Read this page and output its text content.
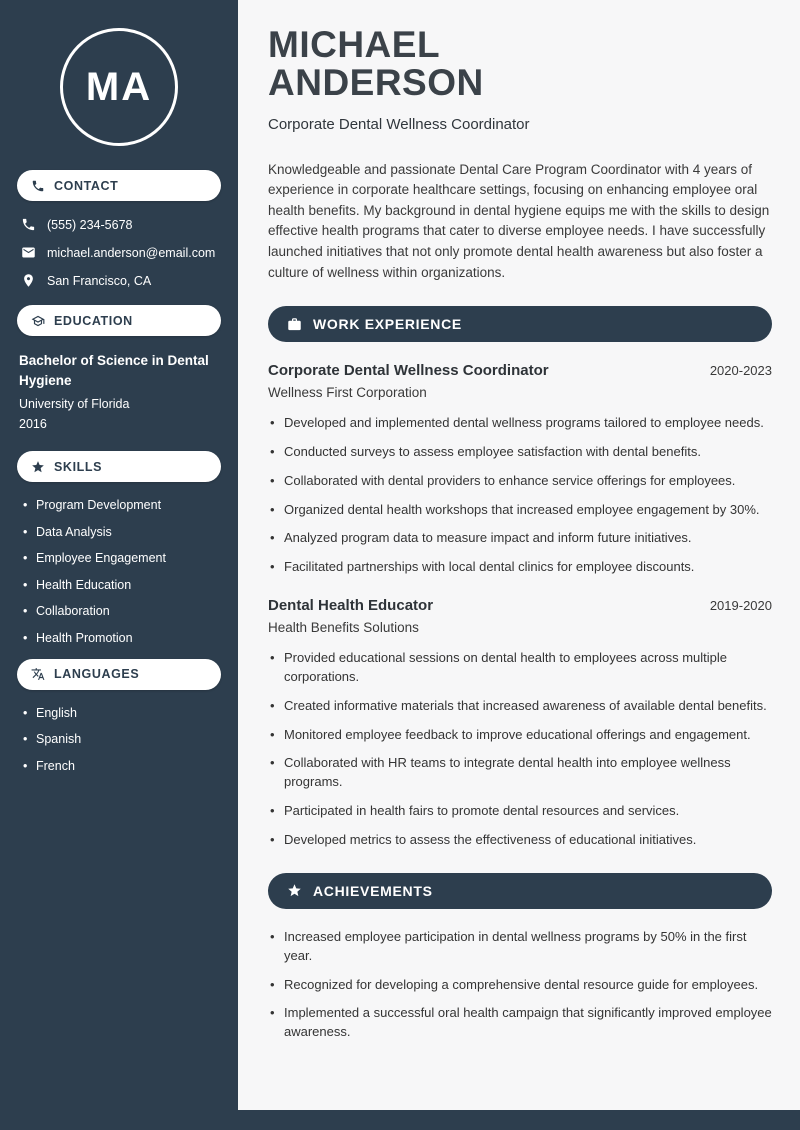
MA
CONTACT
(555) 234-5678
michael.anderson@email.com
San Francisco, CA
EDUCATION
Bachelor of Science in Dental Hygiene
University of Florida
2016
SKILLS
• Program Development
• Data Analysis
• Employee Engagement
• Health Education
• Collaboration
• Health Promotion
LANGUAGES
• English
• Spanish
• French
MICHAEL
ANDERSON
Corporate Dental Wellness Coordinator

Knowledgeable and passionate Dental Care Program Coordinator with 4 years of experience in corporate healthcare settings, focusing on enhancing employee oral health benefits. My background in dental hygiene equips me with the skills to design effective health programs that cater to diverse employee needs. I have successfully launched initiatives that not only promote dental health awareness but also foster a culture of wellness within organizations.

WORK EXPERIENCE
Corporate Dental Wellness Coordinator	2020-2023
Wellness First Corporation
• Developed and implemented dental wellness programs tailored to employee needs.
• Conducted surveys to assess employee satisfaction with dental benefits.
• Collaborated with dental providers to enhance service offerings for employees.
• Organized dental health workshops that increased employee engagement by 30%.
• Analyzed program data to measure impact and inform future initiatives.
• Facilitated partnerships with local dental clinics for employee discounts.
Dental Health Educator	2019-2020
Health Benefits Solutions
• Provided educational sessions on dental health to employees across multiple corporations.
• Created informative materials that increased awareness of available dental benefits.
• Monitored employee feedback to improve educational offerings and engagement.
• Collaborated with HR teams to integrate dental health into employee wellness programs.
• Participated in health fairs to promote dental resources and services.
• Developed metrics to assess the effectiveness of educational initiatives.
ACHIEVEMENTS
• Increased employee participation in dental wellness programs by 50% in the first year.
• Recognized for developing a comprehensive dental resource guide for employees.
• Implemented a successful oral health campaign that significantly improved employee awareness.
